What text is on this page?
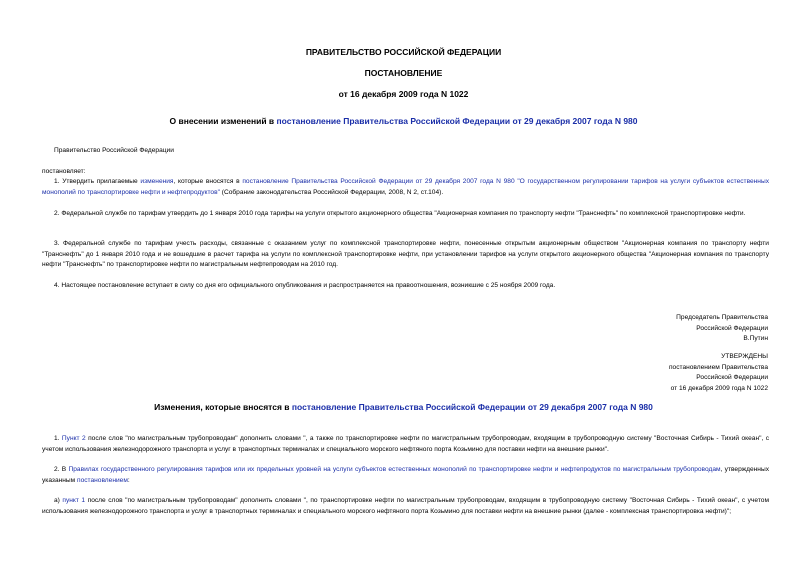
ПРАВИТЕЛЬСТВО РОССИЙСКОЙ ФЕДЕРАЦИИ
ПОСТАНОВЛЕНИЕ
от 16 декабря 2009 года N 1022
О внесении изменений в постановление Правительства Российской Федерации от 29 декабря 2007 года N 980
Правительство Российской Федерации
постановляет:
1. Утвердить прилагаемые изменения, которые вносятся в постановление Правительства Российской Федерации от 29 декабря 2007 года N 980 "О государственном регулировании тарифов на услуги субъектов естественных монополий по транспортировке нефти и нефтепродуктов" (Собрание законодательства Российской Федерации, 2008, N 2, ст.104).
2. Федеральной службе по тарифам утвердить до 1 января 2010 года тарифы на услуги открытого акционерного общества "Акционерная компания по транспорту нефти "Транснефть" по комплексной транспортировке нефти.
3. Федеральной службе по тарифам учесть расходы, связанные с оказанием услуг по комплексной транспортировке нефти, понесенные открытым акционерным обществом "Акционерная компания по транспорту нефти "Транснефть" до 1 января 2010 года и не вошедшие в расчет тарифа на услуги по комплексной транспортировке нефти, при установлении тарифов на услуги открытого акционерного общества "Акционерная компания по транспорту нефти "Транснефть" по транспортировке нефти по магистральным нефтепроводам на 2010 год.
4. Настоящее постановление вступает в силу со дня его официального опубликования и распространяется на правоотношения, возникшие с 25 ноября 2009 года.
Председатель Правительства
Российской Федерации
В.Путин
УТВЕРЖДЕНЫ
постановлением Правительства
Российской Федерации
от 16 декабря 2009 года N 1022
Изменения, которые вносятся в постановление Правительства Российской Федерации от 29 декабря 2007 года N 980
1. Пункт 2 после слов "по магистральным трубопроводам" дополнить словами ", а также по транспортировке нефти по магистральным трубопроводам, входящим в трубопроводную систему "Восточная Сибирь - Тихий океан", с учетом использования железнодорожного транспорта и услуг в транспортных терминалах и специального морского нефтяного порта Козьмино для поставки нефти на внешние рынки".
2. В Правилах государственного регулирования тарифов или их предельных уровней на услуги субъектов естественных монополий по транспортировке нефти и нефтепродуктов по магистральным трубопроводам, утвержденных указанным постановлением:
а) пункт 1 после слов "по магистральным трубопроводам" дополнить словами ", по транспортировке нефти по магистральным трубопроводам, входящим в трубопроводную систему "Восточная Сибирь - Тихий океан", с учетом использования железнодорожного транспорта и услуг в транспортных терминалах и специального морского нефтяного порта Козьмино для поставки нефти на внешние рынки (далее - комплексная транспортировка нефти)";
